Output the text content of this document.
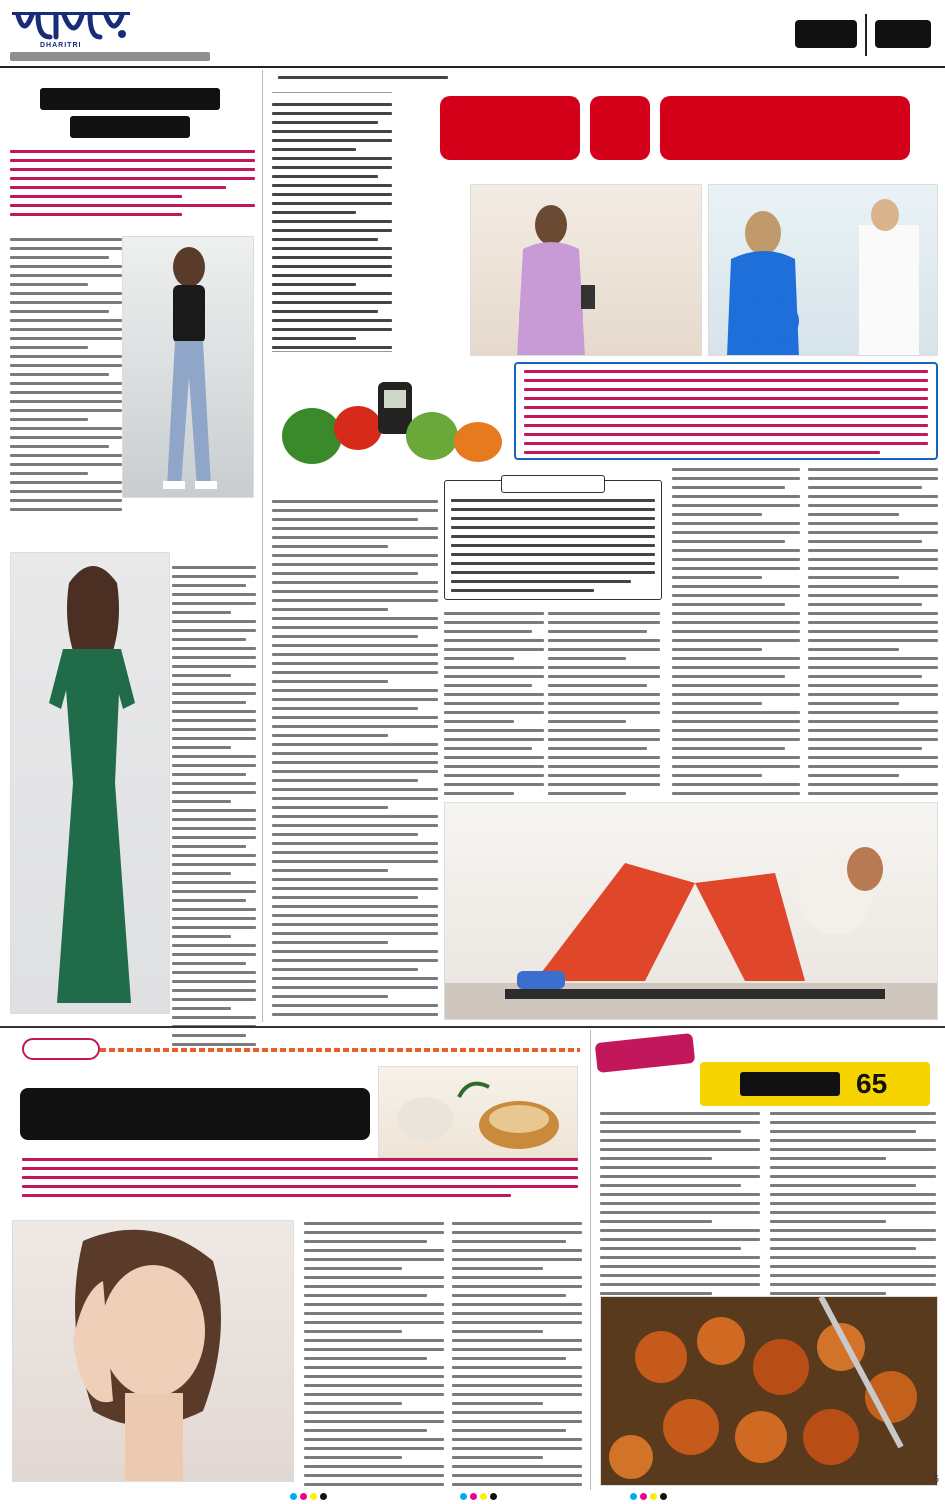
DHARITRI
65
5
